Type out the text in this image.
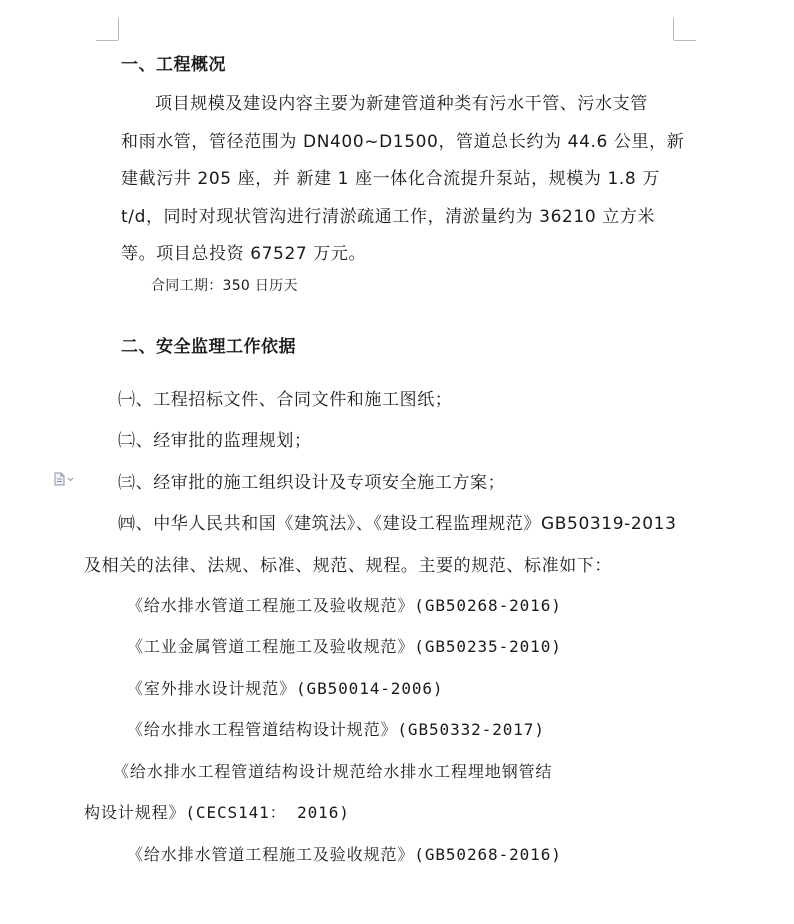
一、工程概况
项目规模及建设内容主要为新建管道种类有污水干管、污水支管
和雨水管，管径范围为 DN400~D1500，管道总长约为 44.6 公里，新
建截污井 205 座，并 新建 1 座一体化合流提升泵站，规模为 1.8 万
t/d，同时对现状管沟进行清淤疏通工作，清淤量约为 36210 立方米
等。项目总投资 67527 万元。
合同工期：350 日历天
二、安全监理工作依据
㈠、工程招标文件、合同文件和施工图纸；
㈡、经审批的监理规划；
㈢、经审批的施工组织设计及专项安全施工方案；
㈣、中华人民共和国《建筑法》、《建设工程监理规范》GB50319-2013
及相关的法律、法规、标准、规范、规程。主要的规范、标准如下：
《给水排水管道工程施工及验收规范》(GB50268-2016)
《工业金属管道工程施工及验收规范》(GB50235-2010)
《室外排水设计规范》(GB50014-2006)
《给水排水工程管道结构设计规范》(GB50332-2017)
《给水排水工程管道结构设计规范给水排水工程埋地钢管结
构设计规程》(CECS141： 2016)
《给水排水管道工程施工及验收规范》(GB50268-2016)
